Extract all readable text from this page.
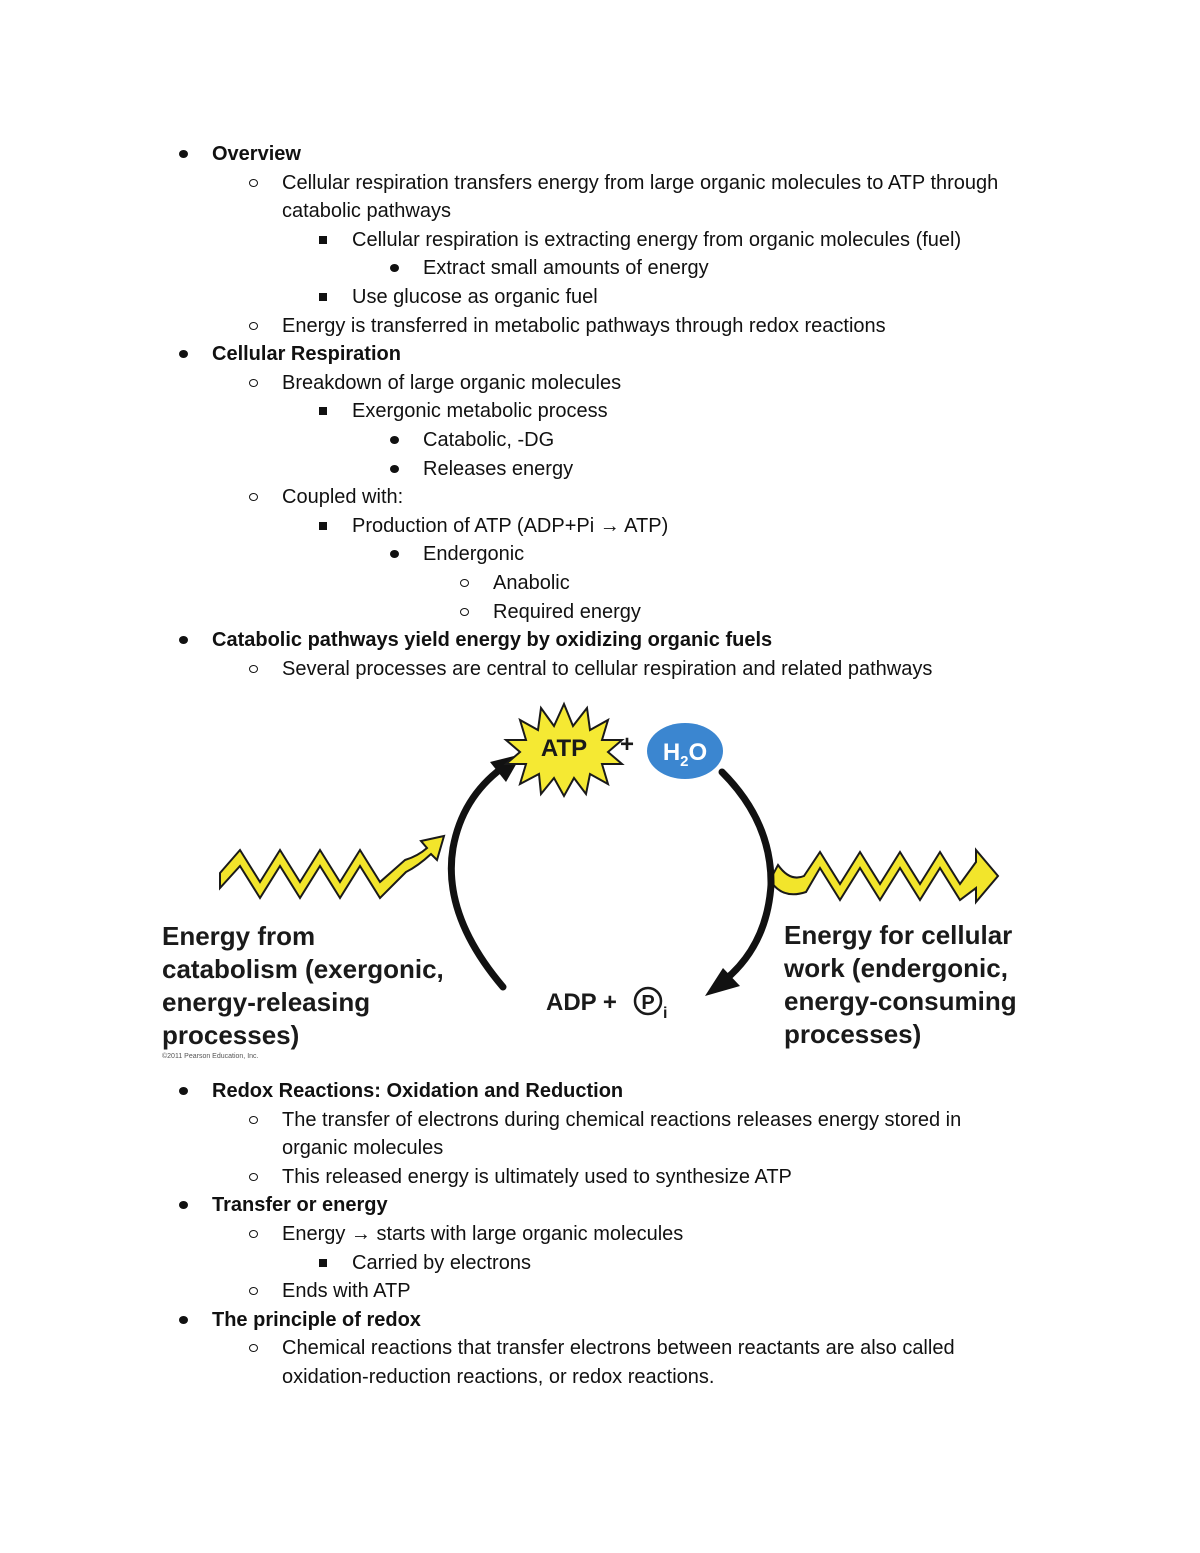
Overview
Cellular respiration transfers energy from large organic molecules to ATP through
catabolic pathways
Cellular respiration is extracting energy from organic molecules (fuel)
Extract small amounts of energy
Use glucose as organic fuel
Energy is transferred in metabolic pathways through redox reactions
Cellular Respiration
Breakdown of large organic molecules
Exergonic metabolic process
Catabolic, -DG
Releases energy
Coupled with:
Production of ATP (ADP+Pi → ATP)
Endergonic
Anabolic
Required energy
Catabolic pathways yield energy by oxidizing organic fuels
Several processes are central to cellular respiration and related pathways
ATP + $H_2O$
ADP + P i
Energy from catabolism (exergonic, energy-releasing processes)
©2011 Pearson Education, Inc.
Energy for cellular work (endergonic, energy-consuming processes)
Redox Reactions: Oxidation and Reduction
The transfer of electrons during chemical reactions releases energy stored in
organic molecules
This released energy is ultimately used to synthesize ATP
Transfer or energy
Energy → starts with large organic molecules
Carried by electrons
Ends with ATP
The principle of redox
Chemical reactions that transfer electrons between reactants are also called
oxidation-reduction reactions, or redox reactions.
